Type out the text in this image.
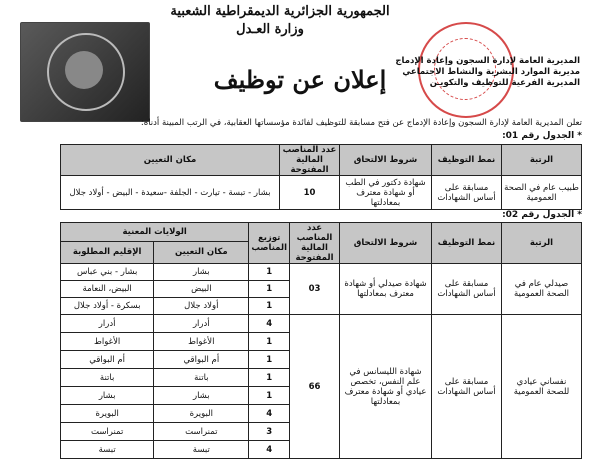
الجمهورية الجزائرية الديمقراطية الشعبية
وزارة العـدل
المديرية العامة لإدارة السجون وإعادة الإدماج
مديرية الموارد البشرية والنشاط الاجتماعي
المديرية الفرعية للتوظيف والتكويـن
إعلان عن توظيف
تعلن المديرية العامة لإدارة السجون وإعادة الإدماج عن فتح مسابقة للتوظيف لفائدة مؤسساتها العقابية، في الرتب المبينة أدناه:
* الجدول رقم 01:
الرتبة	نمط التوظيف	شروط الالتحاق	عدد المناصب المالية المفتوحة	مكان التعيين
طبيب عام في الصحة العمومية	مسابقة على أساس الشهادات	شهادة دكتور في الطب أو شهادة معترف بمعادلتها	10	بشار - تبسة - تيارت - الجلفة -سعيدة - البيض - أولاد جلال
* الجدول رقم 02:
الرتبة	نمط التوظيف	شروط الالتحاق	عدد المناصب المالية المفتوحة	توزيع المناصب	الولايات المعنية	
					مكان التعيين	الإقليم المطلوبة
صيدلي عام في الصحة العمومية	مسابقة على أساس الشهادات	شهادة صيدلي أو شهادة معترف بمعادلتها	03	1	بشار	بشار - بني عباس
				1	البيض	البيض، النعامة
				1	أولاد جلال	بسكرة - أولاد جلال
نفساني عيادي للصحة العمومية	مسابقة على أساس الشهادات	شهادة الليسانس في علم النفس، تخصص عيادي أو شهادة معترف بمعادلتها	66	4	أدرار	أدرار
				1	الأغواط	الأغواط
				1	أم البواقي	أم البواقي
				1	باتنة	باتنة
				1	بشار	بشار
				4	البويرة	البويرة
				3	تمنراست	تمنراست
				4	تبسة	تبسة
